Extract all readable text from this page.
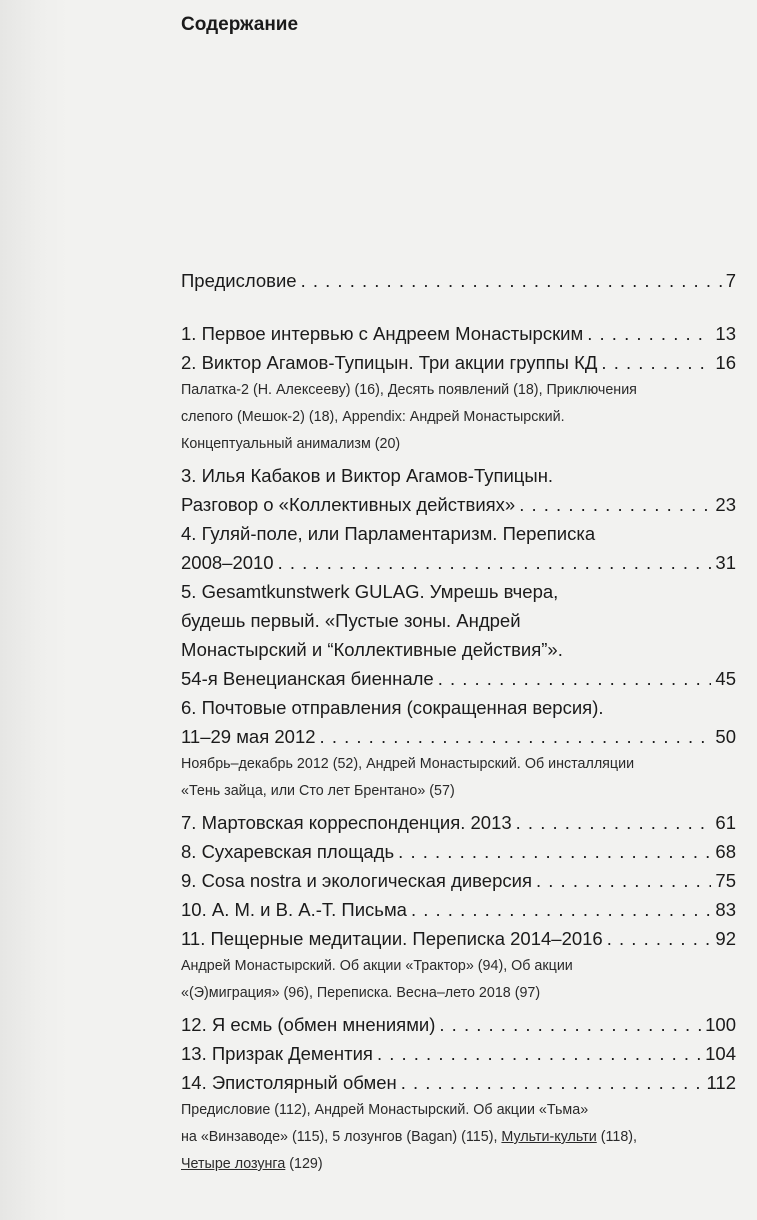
Содержание
Предисловие . . .	7
1. Первое интервью с Андреем Монастырским . . .	13
2. Виктор Агамов-Тупицын. Три акции группы КД . . .	16
Палатка-2 (Н. Алексееву) (16), Десять появлений (18), Приключения
слепого (Мешок-2) (18), Appendix: Андрей Монастырский.
Концептуальный анимализм (20)
3. Илья Кабаков и Виктор Агамов-Тупицын.
Разговор о «Коллективных действиях» . . .	23
4. Гуляй-поле, или Парламентаризм. Переписка
2008–2010 . . .	31
5. Gesamtkunstwerk GULAG. Умрешь вчера,
будешь первый. «Пустые зоны. Андрей
Монастырский и “Коллективные действия”».
54-я Венецианская биеннале . . .	45
6. Почтовые отправления (сокращенная версия).
11–29 мая 2012 . . .	50
Ноябрь–декабрь 2012 (52), Андрей Монастырский. Об инсталляции
«Тень зайца, или Сто лет Брентано» (57)
7. Мартовская корреспонденция. 2013 . . .	61
8. Сухаревская площадь . . .	68
9. Cosa nostra и экологическая диверсия . . .	75
10. А. М. и В. А.-Т. Письма . . .	83
11. Пещерные медитации. Переписка 2014–2016 . . .	92
Андрей Монастырский. Об акции «Трактор» (94), Об акции
«(Э)миграция» (96), Переписка. Весна–лето 2018 (97)
12. Я есмь (обмен мнениями) . . .	100
13. Призрак Дементия . . .	104
14. Эпистолярный обмен . . .	112
Предисловие (112), Андрей Монастырский. Об акции «Тьма»
на «Винзаводе» (115), 5 лозунгов (Bagan) (115), Мульти-культи (118),
Четыре лозунга (129)
